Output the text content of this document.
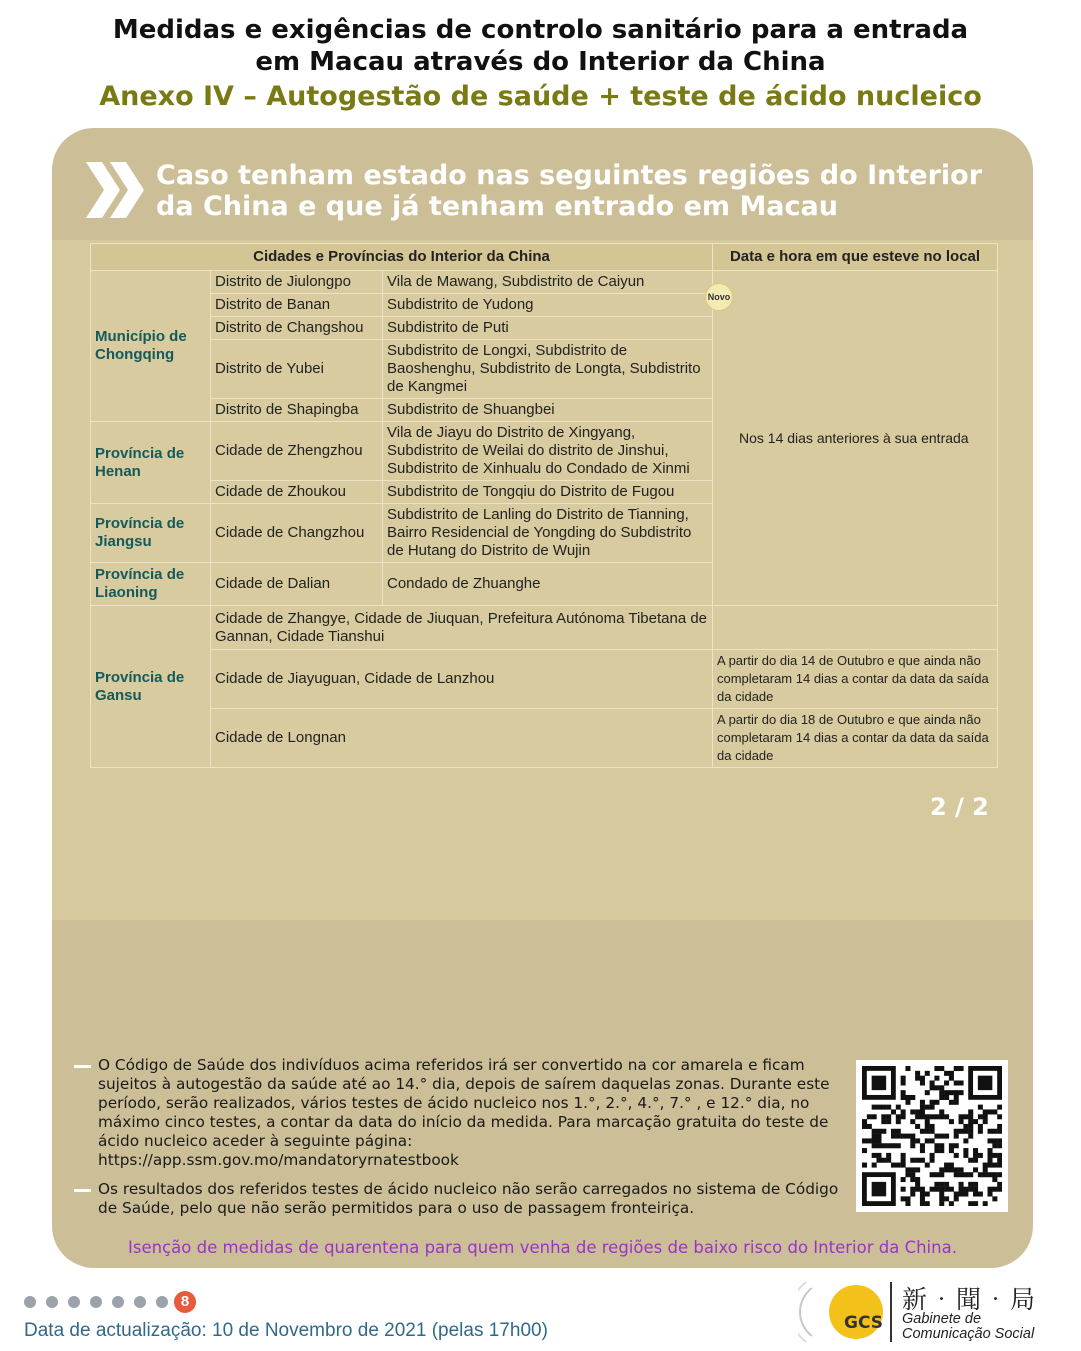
Medidas e exigências de controlo sanitário para a entrada
em Macau através do Interior da China
Anexo IV – Autogestão de saúde + teste de ácido nucleico
Caso tenham estado nas seguintes regiões do Interior da China e que já tenham entrado em Macau
Cidades e Províncias do Interior da China			Data e hora em que esteve no local
Município de Chongqing	Distrito de Jiulongpo	Vila de Mawang, Subdistrito de Caiyun	Novo
Nos 14 dias anteriores à sua entrada
	Distrito de Banan	Subdistrito de Yudong	
	Distrito de Changshou	Subdistrito de Puti	
	Distrito de Yubei	Subdistrito de Longxi, Subdistrito de Baoshenghu, Subdistrito de Longta, Subdistrito de Kangmei	
	Distrito de Shapingba	Subdistrito de Shuangbei	
Província de Henan	Cidade de Zhengzhou	Vila de Jiayu do Distrito de Xingyang, Subdistrito de Weilai do distrito de Jinshui, Subdistrito de Xinhualu do Condado de Xinmi	
	Cidade de Zhoukou	Subdistrito de Tongqiu do Distrito de Fugou	
Província de Jiangsu	Cidade de Changzhou	Subdistrito de Lanling do Distrito de Tianning, Bairro Residencial de Yongding do Subdistrito de Hutang do Distrito de Wujin	
Província de Liaoning	Cidade de Dalian	Condado de Zhuanghe	
Província de Gansu	Cidade de Zhangye, Cidade de Jiuquan, Prefeitura Autónoma Tibetana de Gannan, Cidade Tianshui		
	Cidade de Jiayuguan, Cidade de Lanzhou		A partir do dia 14 de Outubro e que ainda não completaram 14 dias a contar da data da saída da cidade
	Cidade de Longnan		A partir do dia 18 de Outubro e que ainda não completaram 14 dias a contar da data da saída da cidade
2 / 2
O Código de Saúde dos indivíduos acima referidos irá ser convertido na cor amarela e ficam sujeitos à autogestão da saúde até ao 14.° dia, depois de saírem daquelas zonas. Durante este período, serão realizados, vários testes de ácido nucleico nos 1.°, 2.°, 4.°, 7.° , e 12.° dia, no máximo cinco testes, a contar da data do início da medida. Para marcação gratuita do teste de ácido nucleico aceder à seguinte página:
https://app.ssm.gov.mo/mandatoryrnatestbook
Os resultados dos referidos testes de ácido nucleico não serão carregados no sistema de Código de Saúde, pelo que não serão permitidos para o uso de passagem fronteiriça.
Isenção de medidas de quarentena para quem venha de regiões de baixo risco do Interior da China.
8
Data de actualização: 10 de Novembro de 2021 (pelas 17h00)	GCS
新‧聞‧局
Gabinete de
Comunicação Social
